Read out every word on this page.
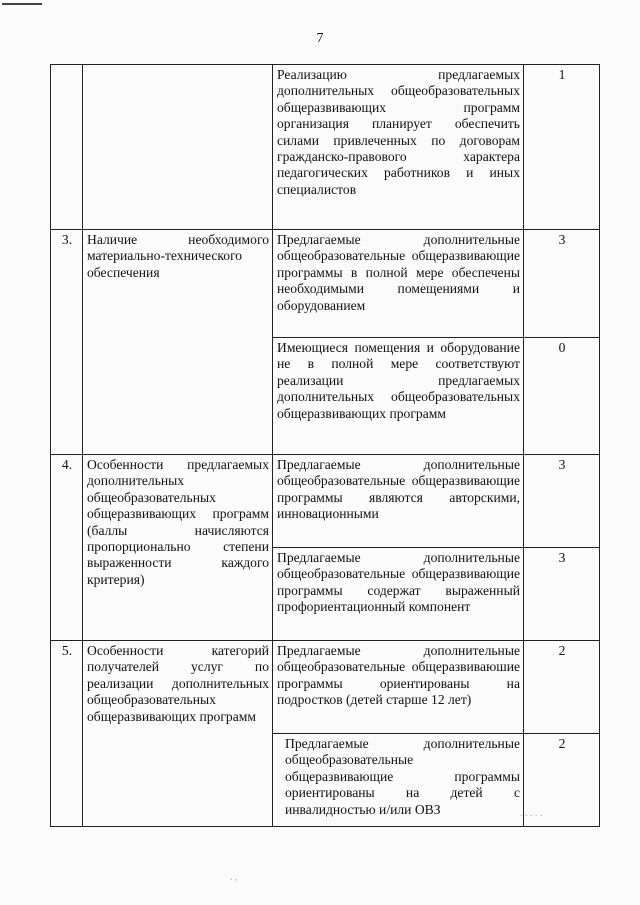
7

		Реализацию предлагаемых дополнительных общеобразовательных общеразвивающих программ организация планирует обеспечить силами привлеченных по договорам гражданско-правового характера педагогических работников и иных специалистов	1
3.	Наличие необходимого материально-технического обеспечения	Предлагаемые дополнительные общеобразовательные общеразвивающие программы в полной мере обеспечены необходимыми помещениями и оборудованием	3

		Имеющиеся помещения и оборудование не в полной мере соответствуют реализации предлагаемых дополнительных общеобразовательных общеразвивающих программ	0
4.	Особенности предлагаемых дополнительных общеобразовательных общеразвивающих программ (баллы начисляются пропорционально степени выраженности каждого критерия)	Предлагаемые дополнительные общеобразовательные общеразвивающие программы являются авторскими, инновационными	3

		Предлагаемые дополнительные общеобразовательные общеразвивающие программы содержат выраженный профориентационный компонент	3
5.	Особенности категорий получателей услуг по реализации дополнительных общеобразовательных общеразвивающих программ	Предлагаемые дополнительные общеобразовательные общеразвиваюшие программы ориентированы на подростков (детей старше 12 лет)	2

		Предлагаемые дополнительные общеобразовательные общеразвивающие программы ориентированы на детей с инвалидностью и/или ОВЗ	2
. . . . .
. ,
